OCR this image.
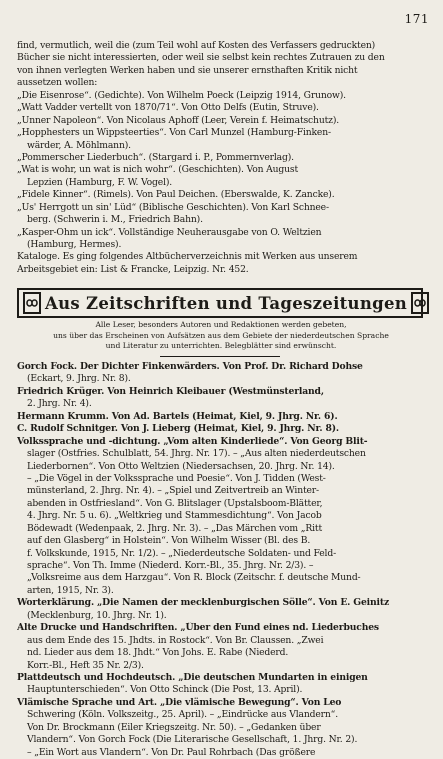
171
find, vermutlich, weil die (zum Teil wohl auf Kosten des Verfassers gedruckten)
Bücher sie nicht interessierten, oder weil sie selbst kein rechtes Zutrauen zu den
von ihnen verlegten Werken haben und sie unserer ernsthaften Kritik nicht
aussetzen wollen:
„Die Eisenrose“. (Gedichte). Von Wilhelm Poeck (Leipzig 1914, Grunow).
„Watt Vadder vertellt von 1870/71“. Von Otto Delfs (Eutin, Struve).
„Unner Napoleon“. Von Nicolaus Aphoff (Leer, Verein f. Heimatschutz).
„Hopphesters un Wippsteerties“. Von Carl Munzel (Hamburg-Finken-
wärder, A. Möhlmann).
„Pommerscher Liederbuch“. (Stargard i. P., Pommernverlag).
„Wat is wohr, un wat is nich wohr“. (Geschichten). Von August
Lepzien (Hamburg, F. W. Vogel).
„Fidele Kinner“. (Rimels). Von Paul Deichen. (Eberswalde, K. Zancke).
„Us' Herrgott un sin' Lüd“ (Biblische Geschichten). Von Karl Schnee-
berg. (Schwerin i. M., Friedrich Bahn).
„Kasper-Ohm un ick“. Vollständige Neuherausgabe von O. Weltzien
(Hamburg, Hermes).
Kataloge. Es ging folgendes Altbücherverzeichnis mit Werken aus unserem
Arbeitsgebiet ein: List & Francke, Leipzig. Nr. 452.
Aus Zeitschriften und Tageszeitungen
Alle Leser, besonders Autoren und Redaktionen werden gebeten,
uns über das Erscheinen von Aufsätzen aus dem Gebiete der niederdeutschen Sprache
und Literatur zu unterrichten. Belegblätter sind erwünscht.
Gorch Fock. Der Dichter Finkenwärders. Von Prof. Dr. Richard Dohse
(Eckart, 9. Jhrg. Nr. 8).
Friedrich Krüger. Von Heinrich Kleibauer (Westmünsterland,
2. Jhrg. Nr. 4).
Hermann Krumm. Von Ad. Bartels (Heimat, Kiel, 9. Jhrg. Nr. 6).
C. Rudolf Schnitger. Von J. Lieberg (Heimat, Kiel, 9. Jhrg. Nr. 8).
Volkssprache und -dichtung. „Vom alten Kinderliede“. Von Georg Blit-
slager (Ostfries. Schulblatt, 54. Jhrg. Nr. 17). – „Aus alten niederdeutschen
Liederbornen“. Von Otto Weltzien (Niedersachsen, 20. Jhrg. Nr. 14).
– „Die Vögel in der Volkssprache und Poesie“. Von J. Tidden (West-
münsterland, 2. Jhrg. Nr. 4). – „Spiel und Zeitvertreib an Winter-
abenden in Ostfriesland“. Von G. Blitslager (Upstalsboom-Blätter,
4. Jhrg. Nr. 5 u. 6). „Weltkrieg und Stammesdichtung“. Von Jacob
Bödewadt (Wedenpaak, 2. Jhrg. Nr. 3). – „Das Märchen vom „Ritt
auf den Glasberg“ in Holstein“. Von Wilhelm Wisser (Bl. des B.
f. Volkskunde, 1915, Nr. 1/2). – „Niederdeutsche Soldaten- und Feld-
sprache“. Von Th. Imme (Niederd. Korr.-Bl., 35. Jhrg. Nr. 2/3). –
„Volksreime aus dem Harzgau“. Von R. Block (Zeitschr. f. deutsche Mund-
arten, 1915, Nr. 3).
Worterklärung. „Die Namen der mecklenburgischen Sölle“. Von E. Geinitz
(Mecklenburg, 10. Jhrg. Nr. 1).
Alte Drucke und Handschriften. „Über den Fund eines nd. Liederbuches
aus dem Ende des 15. Jhdts. in Rostock“. Von Br. Claussen. „Zwei
nd. Lieder aus dem 18. Jhdt.“ Von Johs. E. Rabe (Niederd.
Korr.-Bl., Heft 35 Nr. 2/3).
Plattdeutsch und Hochdeutsch. „Die deutschen Mundarten in einigen
Hauptunterschieden“. Von Otto Schinck (Die Post, 13. April).
Vlämische Sprache und Art. „Die vlämische Bewegung“. Von Leo
Schwering (Köln. Volkszeitg., 25. April). – „Eindrücke aus Vlandern“.
Von Dr. Brockmann (Eiler Kriegszeitg. Nr. 50). – „Gedanken über
Vlandern“. Von Gorch Fock (Die Literarische Gesellschaft, 1. Jhrg. Nr. 2).
– „Ein Wort aus Vlandern“. Von Dr. Paul Rohrbach (Das größere
